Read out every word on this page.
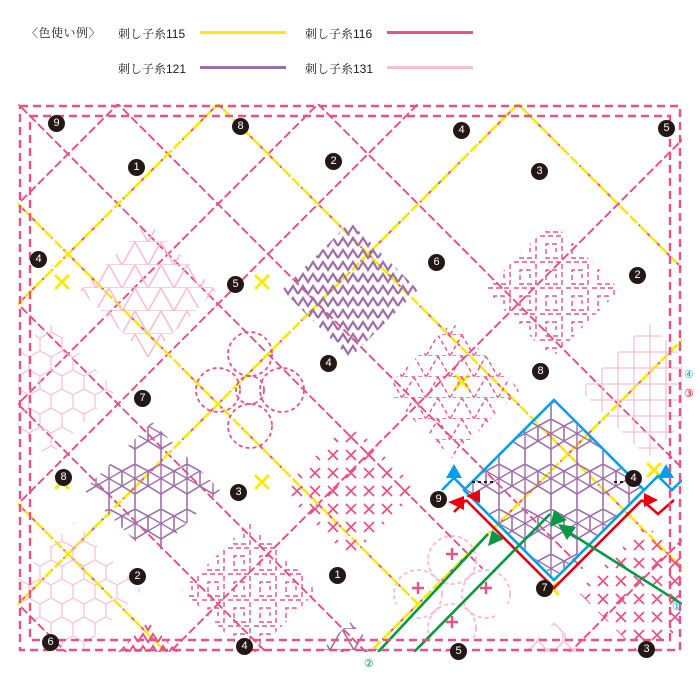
〈色使い例〉 刺し子糸115	刺し子糸116
刺し子糸121	刺し子糸131
9	8	4	5
1	2
3
4	6
2
5
4
8
7
8
3
9
4
2	1
7
6	4	5	3
①
②
③
④
